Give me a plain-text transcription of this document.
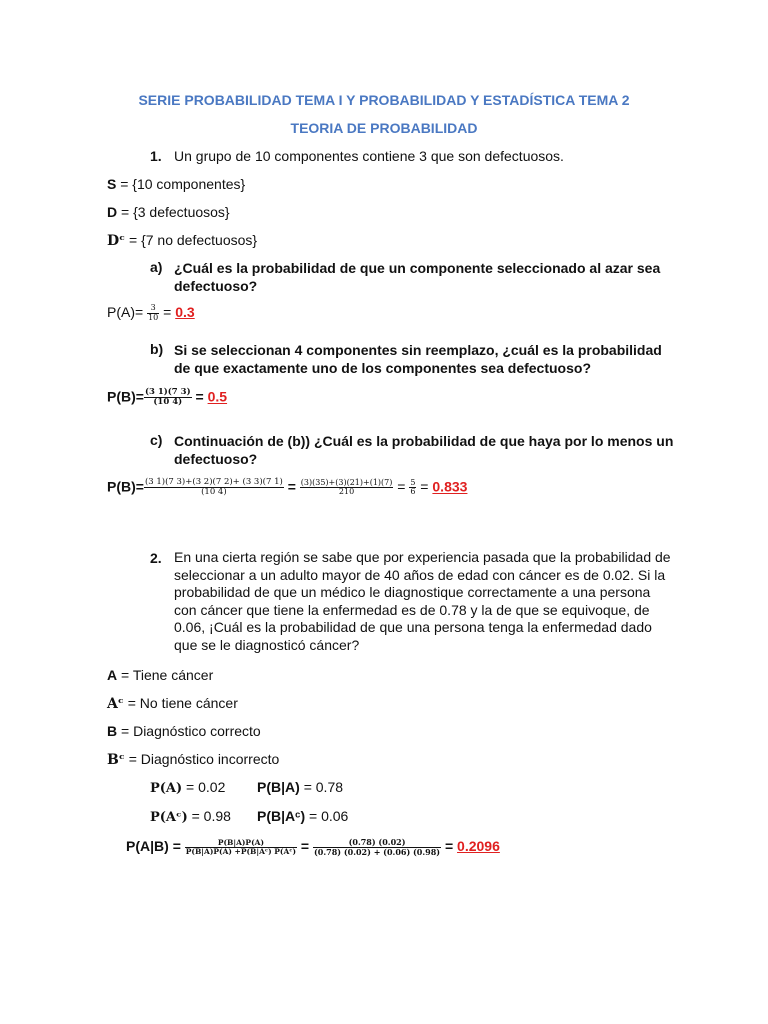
SERIE PROBABILIDAD TEMA I Y PROBABILIDAD Y ESTADÍSTICA TEMA 2
TEORIA DE PROBABILIDAD
1. Un grupo de 10 componentes contiene 3 que son defectuosos.
S = {10 componentes}
D = {3 defectuosos}
Dᶜ = {7 no defectuosos}
a) ¿Cuál es la probabilidad de que un componente seleccionado al azar sea defectuoso?
$P(A)= \frac{3}{10} = 0.3$
b) Si se seleccionan 4 componentes sin reemplazo, ¿cuál es la probabilidad de que exactamente uno de los componentes sea defectuoso?
$P(B)= \frac{(3 1)(7 3)}{(10 4)} = 0.5$
c) Continuación de (b)) ¿Cuál es la probabilidad de que haya por lo menos un defectuoso?
$P(B)= \frac{(3 1)(7 3)+(3 2)(7 2)+ (3 3)(7 1)}{(10 4)} = \frac{(3)(35)+(3)(21)+(1)(7)}{210} = \frac{5}{6} = 0.833$
2. En una cierta región se sabe que por experiencia pasada que la probabilidad de seleccionar a un adulto mayor de 40 años de edad con cáncer es de 0.02. Si la probabilidad de que un médico le diagnostique correctamente a una persona con cáncer que tiene la enfermedad es de 0.78 y la de que se equivoque, de 0.06, ¡Cuál es la probabilidad de que una persona tenga la enfermedad dado que se le diagnosticó cáncer?
A = Tiene cáncer
Aᶜ = No tiene cáncer
B = Diagnóstico correcto
Bᶜ = Diagnóstico incorrecto
P(A) = 0.02 P(B|A) = 0.78
P(Aᶜ) = 0.98 P(B|Aᶜ) = 0.06
$P(A|B) = \frac{P(B|A)P(A)}{\text{P(B|A)P(A) +P(B|Aᶜ) P(Aᶜ)}} = \frac{(0.78) (0.02)}{(0.78) (0.02) + (0.06) (0.98)} = 0.2096$
